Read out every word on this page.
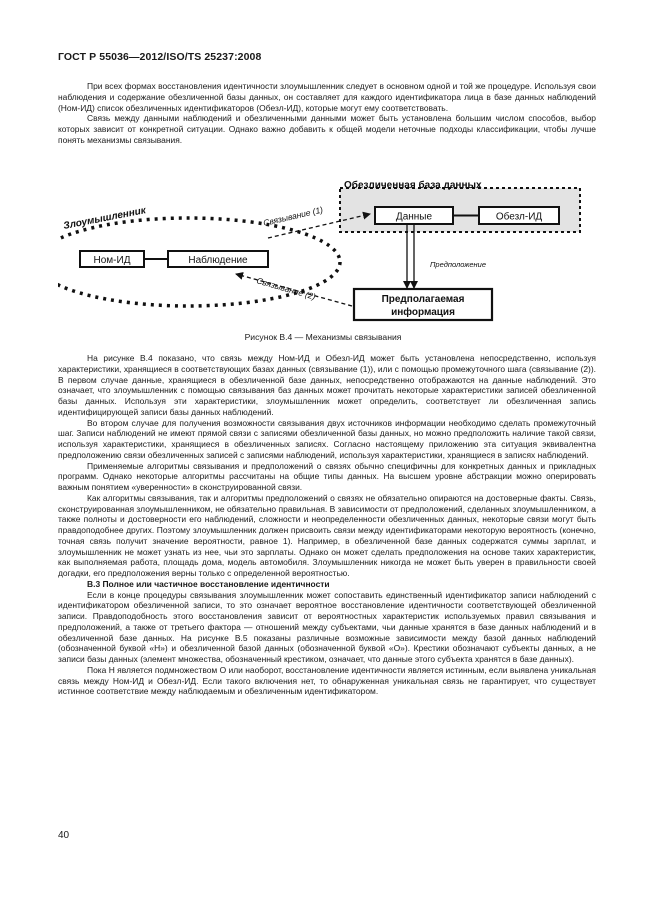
ГОСТ Р 55036—2012/ISO/TS 25237:2008

При всех формах восстановления идентичности злоумышленник следует в основном одной и той же процедуре. Используя свои наблюдения и содержание обезличенной базы данных, он составляет для каждого идентификатора лица в базе данных наблюдений (Ном-ИД) список обезличенных идентификаторов (Обезл-ИД), которые могут ему соответствовать.

Связь между данными наблюдений и обезличенными данными может быть установлена большим числом способов, выбор которых зависит от конкретной ситуации. Однако важно добавить к общей модели неточные подходы классификации, чтобы лучше понять механизмы связывания.

Обезличенная база данных
Данные	Обезл-ИД
Злоумышленник
Ном-ИД	Наблюдение
Связывание (1)
Предположение
Связывание (2)	Предполагаемая
информация
Рисунок В.4 — Механизмы связывания

На рисунке В.4 показано, что связь между Ном-ИД и Обезл-ИД может быть установлена непосредственно, используя характеристики, хранящиеся в соответствующих базах данных (связывание (1)), или с помощью промежуточного шага (связывание (2)). В первом случае данные, хранящиеся в обезличенной базе данных, непосредственно отображаются на данные наблюдений. Это означает, что злоумышленник с помощью связывания баз данных может прочитать некоторые характеристики записей обезличенной базы данных. Используя эти характеристики, злоумышленник может определить, соответствует ли обезличенная запись идентифицирующей записи базы данных наблюдений.

Во втором случае для получения возможности связывания двух источников информации необходимо сделать промежуточный шаг. Записи наблюдений не имеют прямой связи с записями обезличенной базы данных, но можно предположить наличие такой связи, используя характеристики, хранящиеся в обезличенных записях. Согласно настоящему приложению эта ситуация эквивалентна предположению связи обезличенных записей с записями наблюдений, используя характеристики, хранящиеся в записях наблюдений.

Применяемые алгоритмы связывания и предположений о связях обычно специфичны для конкретных данных и прикладных программ. Однако некоторые алгоритмы рассчитаны на общие типы данных. На высшем уровне абстракции можно оперировать важным понятием «уверенности» в сконструированной связи.

Как алгоритмы связывания, так и алгоритмы предположений о связях не обязательно опираются на достоверные факты. Связь, сконструированная злоумышленником, не обязательно правильная. В зависимости от предположений, сделанных злоумышленником, а также полноты и достоверности его наблюдений, сложности и неопределенности обезличенных данных, некоторые связи могут быть правдоподобнее других. Поэтому злоумышленник должен присвоить связи между идентификаторами некоторую вероятность (конечно, точная связь получит значение вероятности, равное 1). Например, в обезличенной базе данных содержатся суммы зарплат, и злоумышленник не может узнать из нее, чьи это зарплаты. Однако он может сделать предположения на основе таких характеристик, как выполняемая работа, площадь дома, модель автомобиля. Злоумышленник никогда не может быть уверен в правильности своей догадки, его предположения верны только с определенной вероятностью.

В.3 Полное или частичное восстановление идентичности

Если в конце процедуры связывания злоумышленник может сопоставить единственный идентификатор записи наблюдений с идентификатором обезличенной записи, то это означает вероятное восстановление идентичности соответствующей обезличенной записи. Правдоподобность этого восстановления зависит от вероятностных характеристик используемых правил связывания и предположений, а также от третьего фактора — отношений между субъектами, чьи данные хранятся в базе данных наблюдений и в обезличенной базе данных. На рисунке В.5 показаны различные возможные зависимости между базой данных наблюдений (обозначенной буквой «Н») и обезличенной базой данных (обозначенной буквой «О»). Крестики обозначают субъекты данных, а не записи базы данных (элемент множества, обозначенный крестиком, означает, что данные этого субъекта хранятся в базе данных).

Пока Н является подмножеством О или наоборот, восстановление идентичности является истинным, если выявлена уникальная связь между Ном-ИД и Обезл-ИД. Если такого включения нет, то обнаруженная уникальная связь не гарантирует, что существует истинное соответствие между наблюдаемым и обезличенным идентификатором.

40
